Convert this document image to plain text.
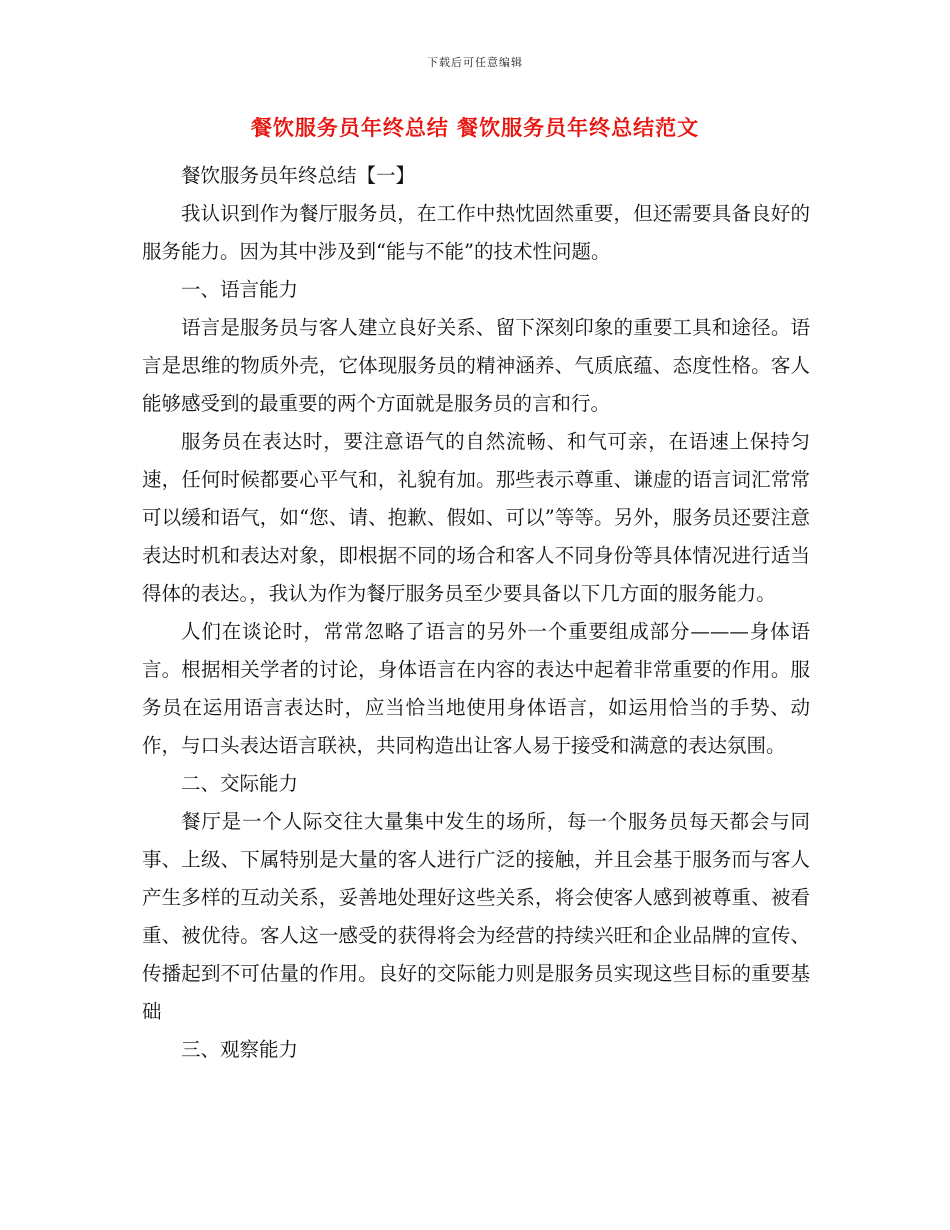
下载后可任意编辑
餐饮服务员年终总结 餐饮服务员年终总结范文

餐饮服务员年终总结【一】

我认识到作为餐厅服务员，在工作中热忱固然重要，但还需要具备良好的服务能力。因为其中涉及到“能与不能”的技术性问题。

一、语言能力

语言是服务员与客人建立良好关系、留下深刻印象的重要工具和途径。语言是思维的物质外壳，它体现服务员的精神涵养、气质底蕴、态度性格。客人能够感受到的最重要的两个方面就是服务员的言和行。

服务员在表达时，要注意语气的自然流畅、和气可亲，在语速上保持匀速，任何时候都要心平气和，礼貌有加。那些表示尊重、谦虚的语言词汇常常可以缓和语气，如“您、请、抱歉、假如、可以”等等。另外，服务员还要注意表达时机和表达对象，即根据不同的场合和客人不同身份等具体情况进行适当得体的表达。，我认为作为餐厅服务员至少要具备以下几方面的服务能力。

人们在谈论时，常常忽略了语言的另外一个重要组成部分———身体语言。根据相关学者的讨论，身体语言在内容的表达中起着非常重要的作用。服务员在运用语言表达时，应当恰当地使用身体语言，如运用恰当的手势、动作，与口头表达语言联袂，共同构造出让客人易于接受和满意的表达氛围。

二、交际能力

餐厅是一个人际交往大量集中发生的场所，每一个服务员每天都会与同事、上级、下属特别是大量的客人进行广泛的接触，并且会基于服务而与客人产生多样的互动关系，妥善地处理好这些关系，将会使客人感到被尊重、被看重、被优待。客人这一感受的获得将会为经营的持续兴旺和企业品牌的宣传、传播起到不可估量的作用。良好的交际能力则是服务员实现这些目标的重要基础

三、观察能力
